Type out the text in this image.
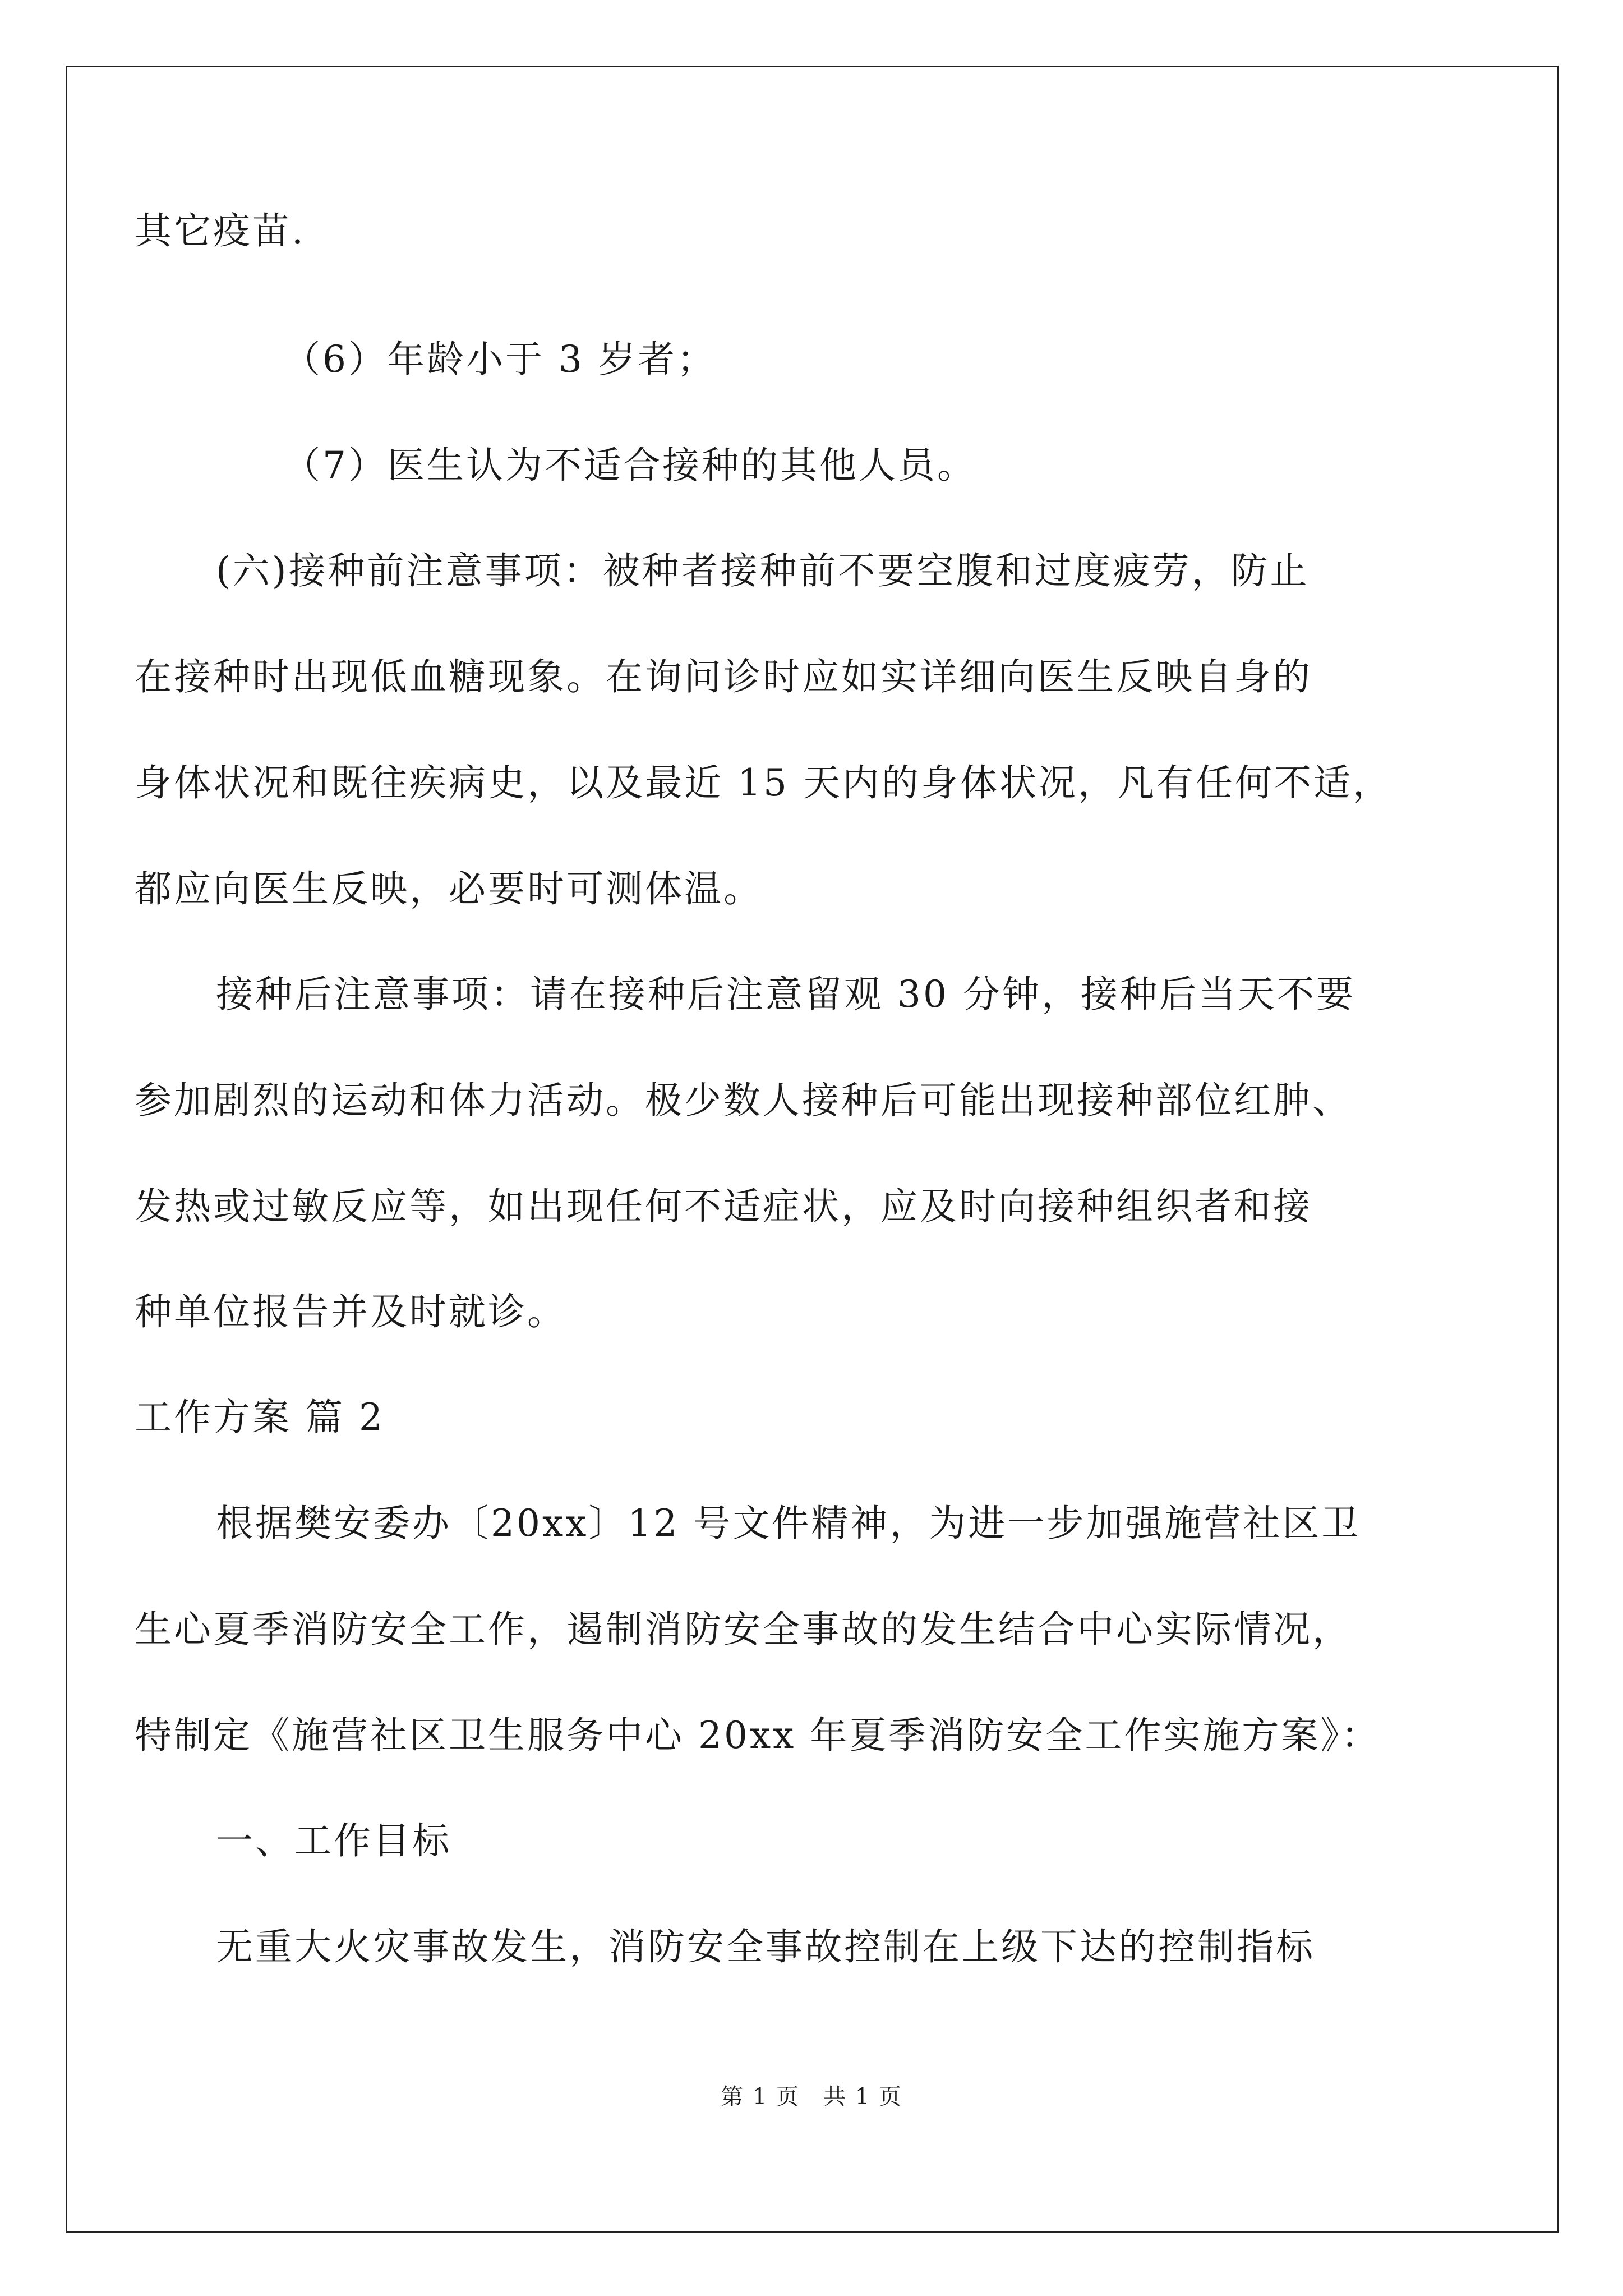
其它疫苗.
（6）年龄小于 3 岁者；
（7）医生认为不适合接种的其他人员。
(六)接种前注意事项：被种者接种前不要空腹和过度疲劳，防止
在接种时出现低血糖现象。在询问诊时应如实详细向医生反映自身的
身体状况和既往疾病史，以及最近 15 天内的身体状况，凡有任何不适，
都应向医生反映，必要时可测体温。
接种后注意事项：请在接种后注意留观 30 分钟，接种后当天不要
参加剧烈的运动和体力活动。极少数人接种后可能出现接种部位红肿、
发热或过敏反应等，如出现任何不适症状，应及时向接种组织者和接
种单位报告并及时就诊。
工作方案 篇 2
根据樊安委办〔20xx〕12 号文件精神，为进一步加强施营社区卫
生心夏季消防安全工作，遏制消防安全事故的发生结合中心实际情况，
特制定《施营社区卫生服务中心 20xx 年夏季消防安全工作实施方案》：
一、工作目标
无重大火灾事故发生，消防安全事故控制在上级下达的控制指标
第 1 页　共 1 页
